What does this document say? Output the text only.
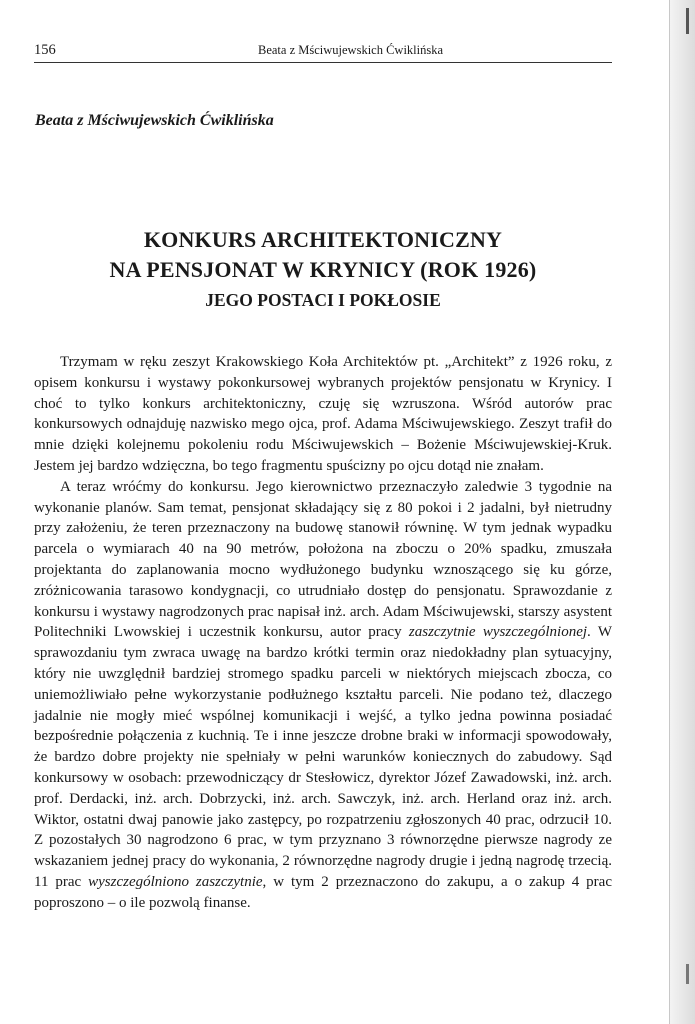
156	Beata z Mściwujewskich Ćwiklińska
Beata z Mściwujewskich Ćwiklińska
KONKURS ARCHITEKTONICZNY
NA PENSJONAT W KRYNICY (ROK 1926)
JEGO POSTACI I POKŁOSIE

Trzymam w ręku zeszyt Krakowskiego Koła Architektów pt. „Architekt” z 1926 roku, z opisem konkursu i wystawy pokonkursowej wybranych projektów pensjonatu w Krynicy. I choć to tylko konkurs architektoniczny, czuję się wzruszona. Wśród autorów prac konkursowych odnajduję nazwisko mego ojca, prof. Adama Mściwujewskiego. Zeszyt trafił do mnie dzięki kolejnemu pokoleniu rodu Mściwujewskich – Bożenie Mściwujewskiej-Kruk. Jestem jej bardzo wdzięczna, bo tego fragmentu spuścizny po ojcu dotąd nie znałam.

A teraz wróćmy do konkursu. Jego kierownictwo przeznaczyło zaledwie 3 tygodnie na wykonanie planów. Sam temat, pensjonat składający się z 80 pokoi i 2 jadalni, był nietrudny przy założeniu, że teren przeznaczony na budowę stanowił równinę. W tym jednak wypadku parcela o wymiarach 40 na 90 metrów, położona na zboczu o 20% spadku, zmuszała projektanta do zaplanowania mocno wydłużonego budynku wznoszącego się ku górze, zróżnicowania tarasowo kondygnacji, co utrudniało dostęp do pensjonatu. Sprawozdanie z konkursu i wystawy nagrodzonych prac napisał inż. arch. Adam Mściwujewski, starszy asystent Politechniki Lwowskiej i uczestnik konkursu, autor pracy zaszczytnie wyszczególnionej. W sprawozdaniu tym zwraca uwagę na bardzo krótki termin oraz niedokładny plan sytuacyjny, który nie uwzględnił bardziej stromego spadku parceli w niektórych miejscach zbocza, co uniemożliwiało pełne wykorzystanie podłużnego kształtu parceli. Nie podano też, dlaczego jadalnie nie mogły mieć wspólnej komunikacji i wejść, a tylko jedna powinna posiadać bezpośrednie połączenia z kuchnią. Te i inne jeszcze drobne braki w informacji spowodowały, że bardzo dobre projekty nie spełniały w pełni warunków koniecznych do zabudowy. Sąd konkursowy w osobach: przewodniczący dr Stesłowicz, dyrektor Józef Zawadowski, inż. arch. prof. Derdacki, inż. arch. Dobrzycki, inż. arch. Sawczyk, inż. arch. Herland oraz inż. arch. Wiktor, ostatni dwaj panowie jako zastępcy, po rozpatrzeniu zgłoszonych 40 prac, odrzucił 10. Z pozostałych 30 nagrodzono 6 prac, w tym przyznano 3 równorzędne pierwsze nagrody ze wskazaniem jednej pracy do wykonania, 2 równorzędne nagrody drugie i jedną nagrodę trzecią. 11 prac wyszczególniono zaszczytnie, w tym 2 przeznaczono do zakupu, a o zakup 4 prac poproszono – o ile pozwolą finanse.
